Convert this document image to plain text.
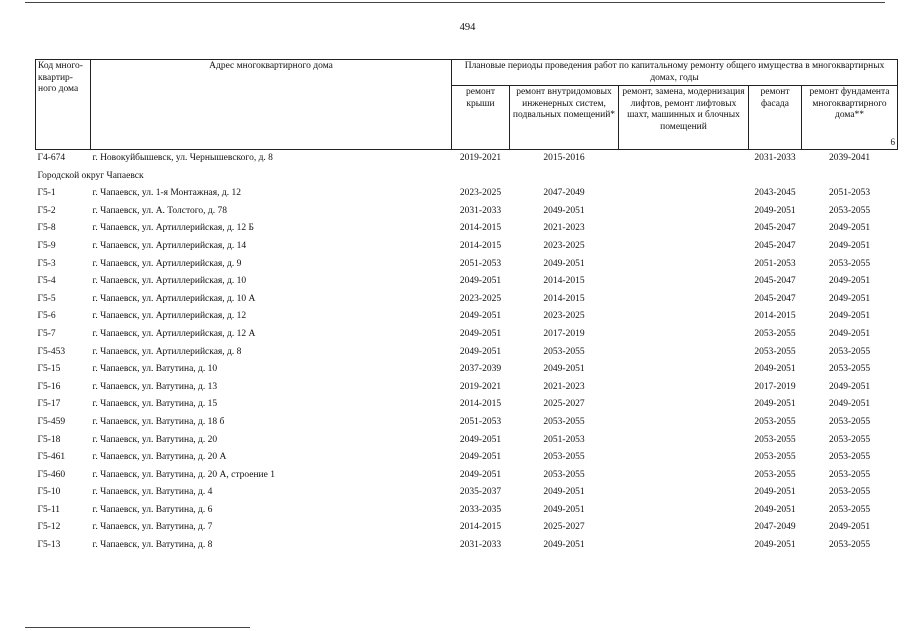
494
Код много-квартир-ного дома	Адрес многоквартирного дома	Плановые периоды проведения работ по капитальному ремонту общего имущества в многоквартирных домах, годы				
		ремонт крыши	ремонт внутридомовых инженерных систем, подвальных помещений*	ремонт, замена, модернизация лифтов, ремонт лифтовых шахт, машинных и блочных помещений	ремонт фасада	ремонт фундамента многоквартирного дома**
6

Г4-674	г. Новокуйбышевск, ул. Чернышевского, д. 8	2019-2021	2015-2016		2031-2033	2039-2041
Городской округ Чапаевск						
Г5-1	г. Чапаевск, ул. 1-я Монтажная, д. 12	2023-2025	2047-2049		2043-2045	2051-2053
Г5-2	г. Чапаевск, ул. А. Толстого, д. 78	2031-2033	2049-2051		2049-2051	2053-2055
Г5-8	г. Чапаевск, ул. Артиллерийская, д. 12 Б	2014-2015	2021-2023		2045-2047	2049-2051
Г5-9	г. Чапаевск, ул. Артиллерийская, д. 14	2014-2015	2023-2025		2045-2047	2049-2051
Г5-3	г. Чапаевск, ул. Артиллерийская, д. 9	2051-2053	2049-2051		2051-2053	2053-2055
Г5-4	г. Чапаевск, ул. Артиллерийская, д. 10	2049-2051	2014-2015		2045-2047	2049-2051
Г5-5	г. Чапаевск, ул. Артиллерийская, д. 10 А	2023-2025	2014-2015		2045-2047	2049-2051
Г5-6	г. Чапаевск, ул. Артиллерийская, д. 12	2049-2051	2023-2025		2014-2015	2049-2051
Г5-7	г. Чапаевск, ул. Артиллерийская, д. 12 А	2049-2051	2017-2019		2053-2055	2049-2051
Г5-453	г. Чапаевск, ул. Артиллерийская, д. 8	2049-2051	2053-2055		2053-2055	2053-2055
Г5-15	г. Чапаевск, ул. Ватутина, д. 10	2037-2039	2049-2051		2049-2051	2053-2055
Г5-16	г. Чапаевск, ул. Ватутина, д. 13	2019-2021	2021-2023		2017-2019	2049-2051
Г5-17	г. Чапаевск, ул. Ватутина, д. 15	2014-2015	2025-2027		2049-2051	2049-2051
Г5-459	г. Чапаевск, ул. Ватутина, д. 18 б	2051-2053	2053-2055		2053-2055	2053-2055
Г5-18	г. Чапаевск, ул. Ватутина, д. 20	2049-2051	2051-2053		2053-2055	2053-2055
Г5-461	г. Чапаевск, ул. Ватутина, д. 20 А	2049-2051	2053-2055		2053-2055	2053-2055
Г5-460	г. Чапаевск, ул. Ватутина, д. 20 А, строение 1	2049-2051	2053-2055		2053-2055	2053-2055
Г5-10	г. Чапаевск, ул. Ватутина, д. 4	2035-2037	2049-2051		2049-2051	2053-2055
Г5-11	г. Чапаевск, ул. Ватутина, д. 6	2033-2035	2049-2051		2049-2051	2053-2055
Г5-12	г. Чапаевск, ул. Ватутина, д. 7	2014-2015	2025-2027		2047-2049	2049-2051
Г5-13	г. Чапаевск, ул. Ватутина, д. 8	2031-2033	2049-2051		2049-2051	2053-2055
